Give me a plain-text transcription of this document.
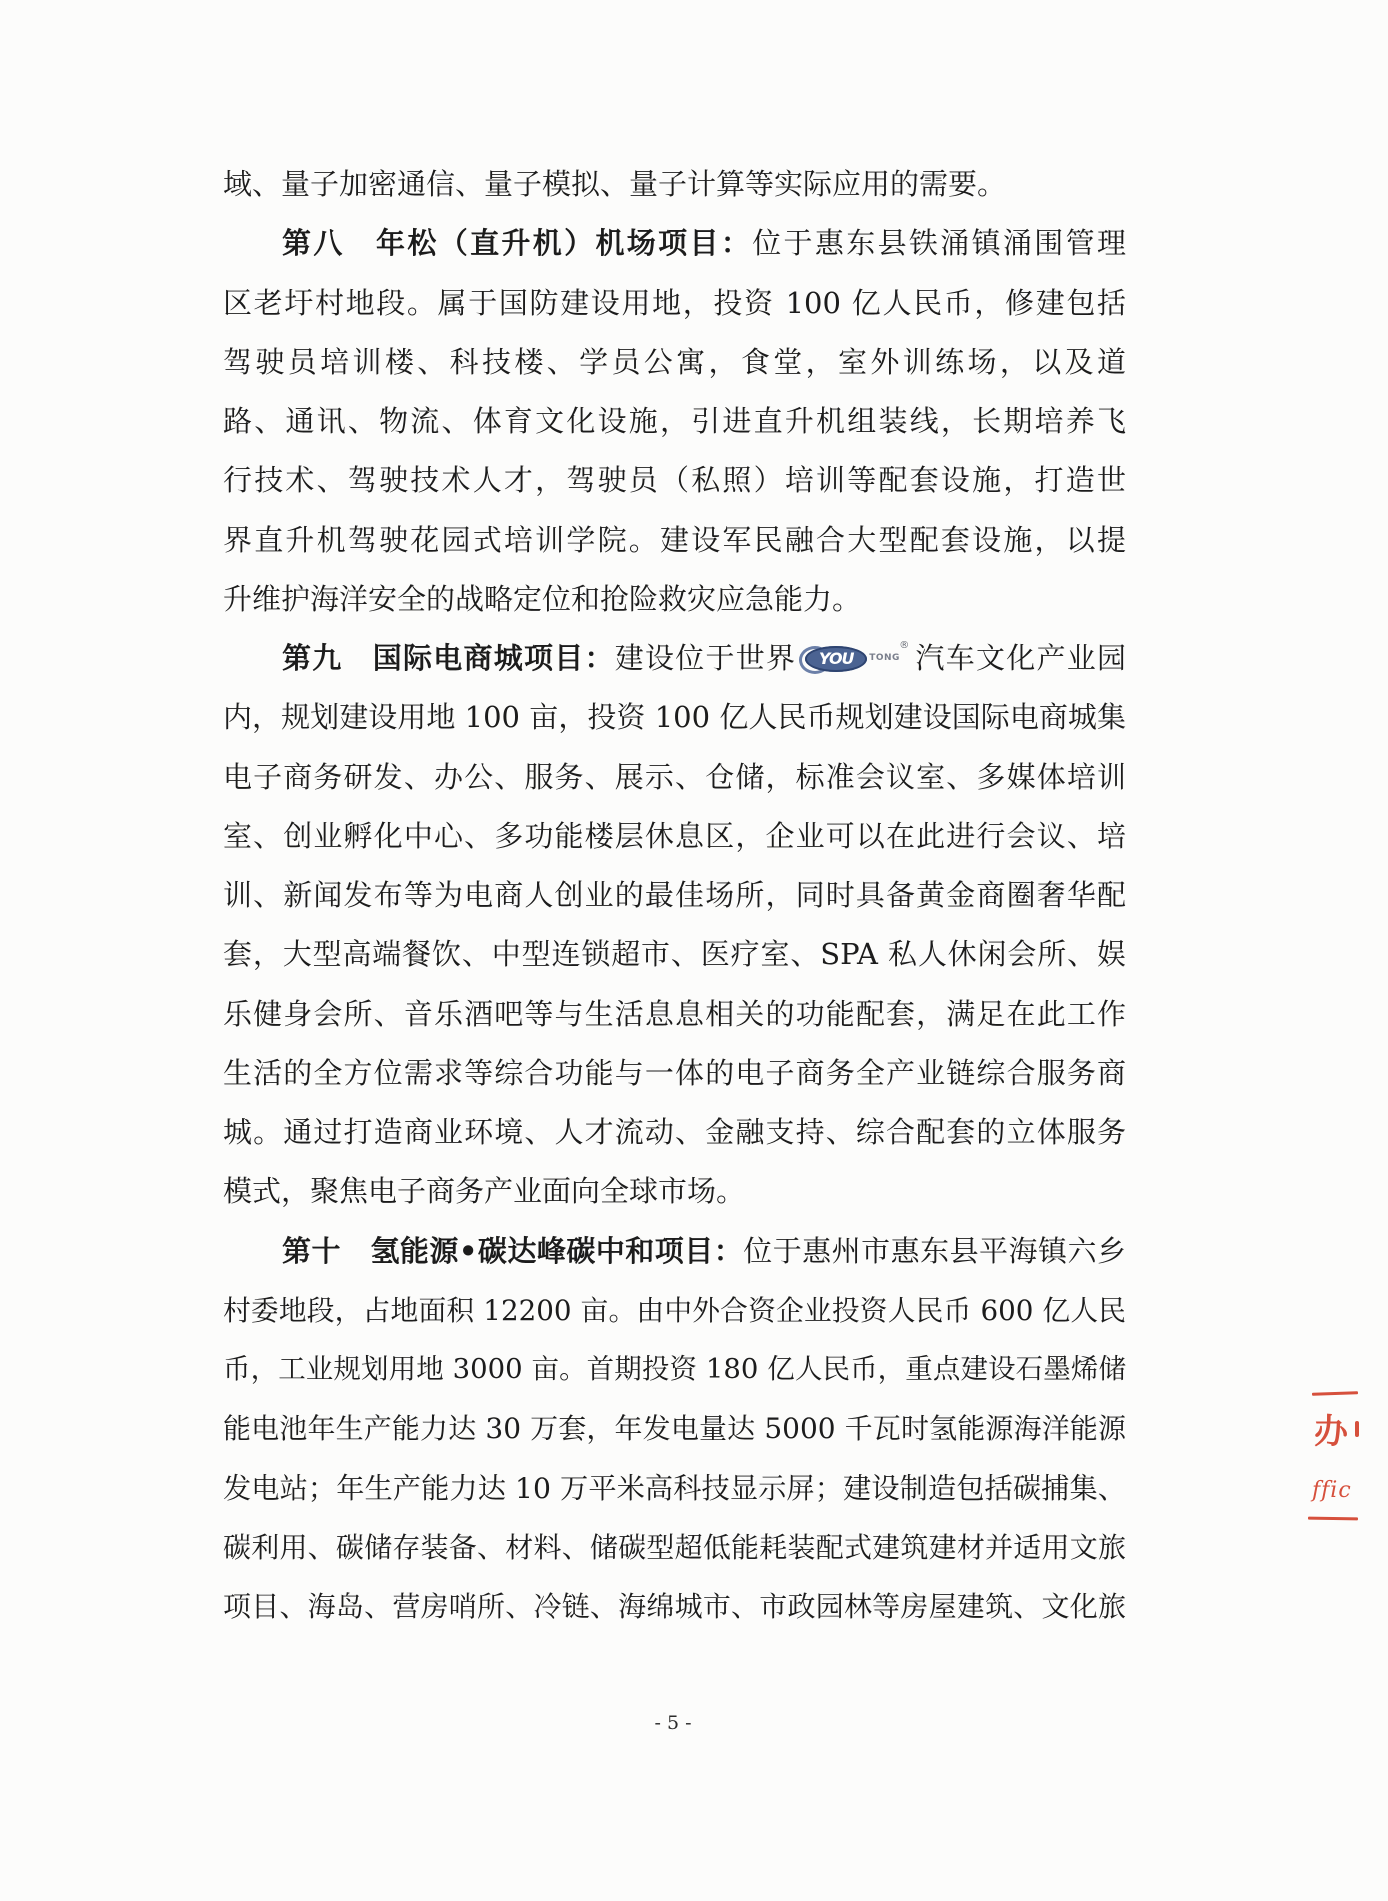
域、量子加密通信、量子模拟、量子计算等实际应用的需要。
第八　年松（直升机）机场项目：位于惠东县铁涌镇涌围管理
区老圩村地段。属于国防建设用地，投资 100 亿人民币，修建包括
驾驶员培训楼、科技楼、学员公寓，食堂，室外训练场，以及道
路、通讯、物流、体育文化设施，引进直升机组装线，长期培养飞
行技术、驾驶技术人才，驾驶员（私照）培训等配套设施，打造世
界直升机驾驶花园式培训学院。建设军民融合大型配套设施，以提
升维护海洋安全的战略定位和抢险救灾应急能力。
第九　国际电商城项目：建设位于世界	YOU	TONG
® 汽车文化产业园
内，规划建设用地 100 亩，投资 100 亿人民币规划建设国际电商城集
电子商务研发、办公、服务、展示、仓储，标准会议室、多媒体培训
室、创业孵化中心、多功能楼层休息区，企业可以在此进行会议、培
训、新闻发布等为电商人创业的最佳场所，同时具备黄金商圈奢华配
套，大型高端餐饮、中型连锁超市、医疗室、SPA 私人休闲会所、娱
乐健身会所、音乐酒吧等与生活息息相关的功能配套，满足在此工作
生活的全方位需求等综合功能与一体的电子商务全产业链综合服务商
城。通过打造商业环境、人才流动、金融支持、综合配套的立体服务
模式，聚焦电子商务产业面向全球市场。
第十　氢能源•碳达峰碳中和项目：位于惠州市惠东县平海镇六乡
村委地段，占地面积 12200 亩。由中外合资企业投资人民币 600 亿人民
币，工业规划用地 3000 亩。首期投资 180 亿人民币，重点建设石墨烯储
能电池年生产能力达 30 万套，年发电量达 5000 千瓦时氢能源海洋能源
发电站；年生产能力达 10 万平米高科技显示屏；建设制造包括碳捕集、
碳利用、碳储存装备、材料、储碳型超低能耗装配式建筑建材并适用文旅
项目、海岛、营房哨所、冷链、海绵城市、市政园林等房屋建筑、文化旅
- 5 -
办
ffic
